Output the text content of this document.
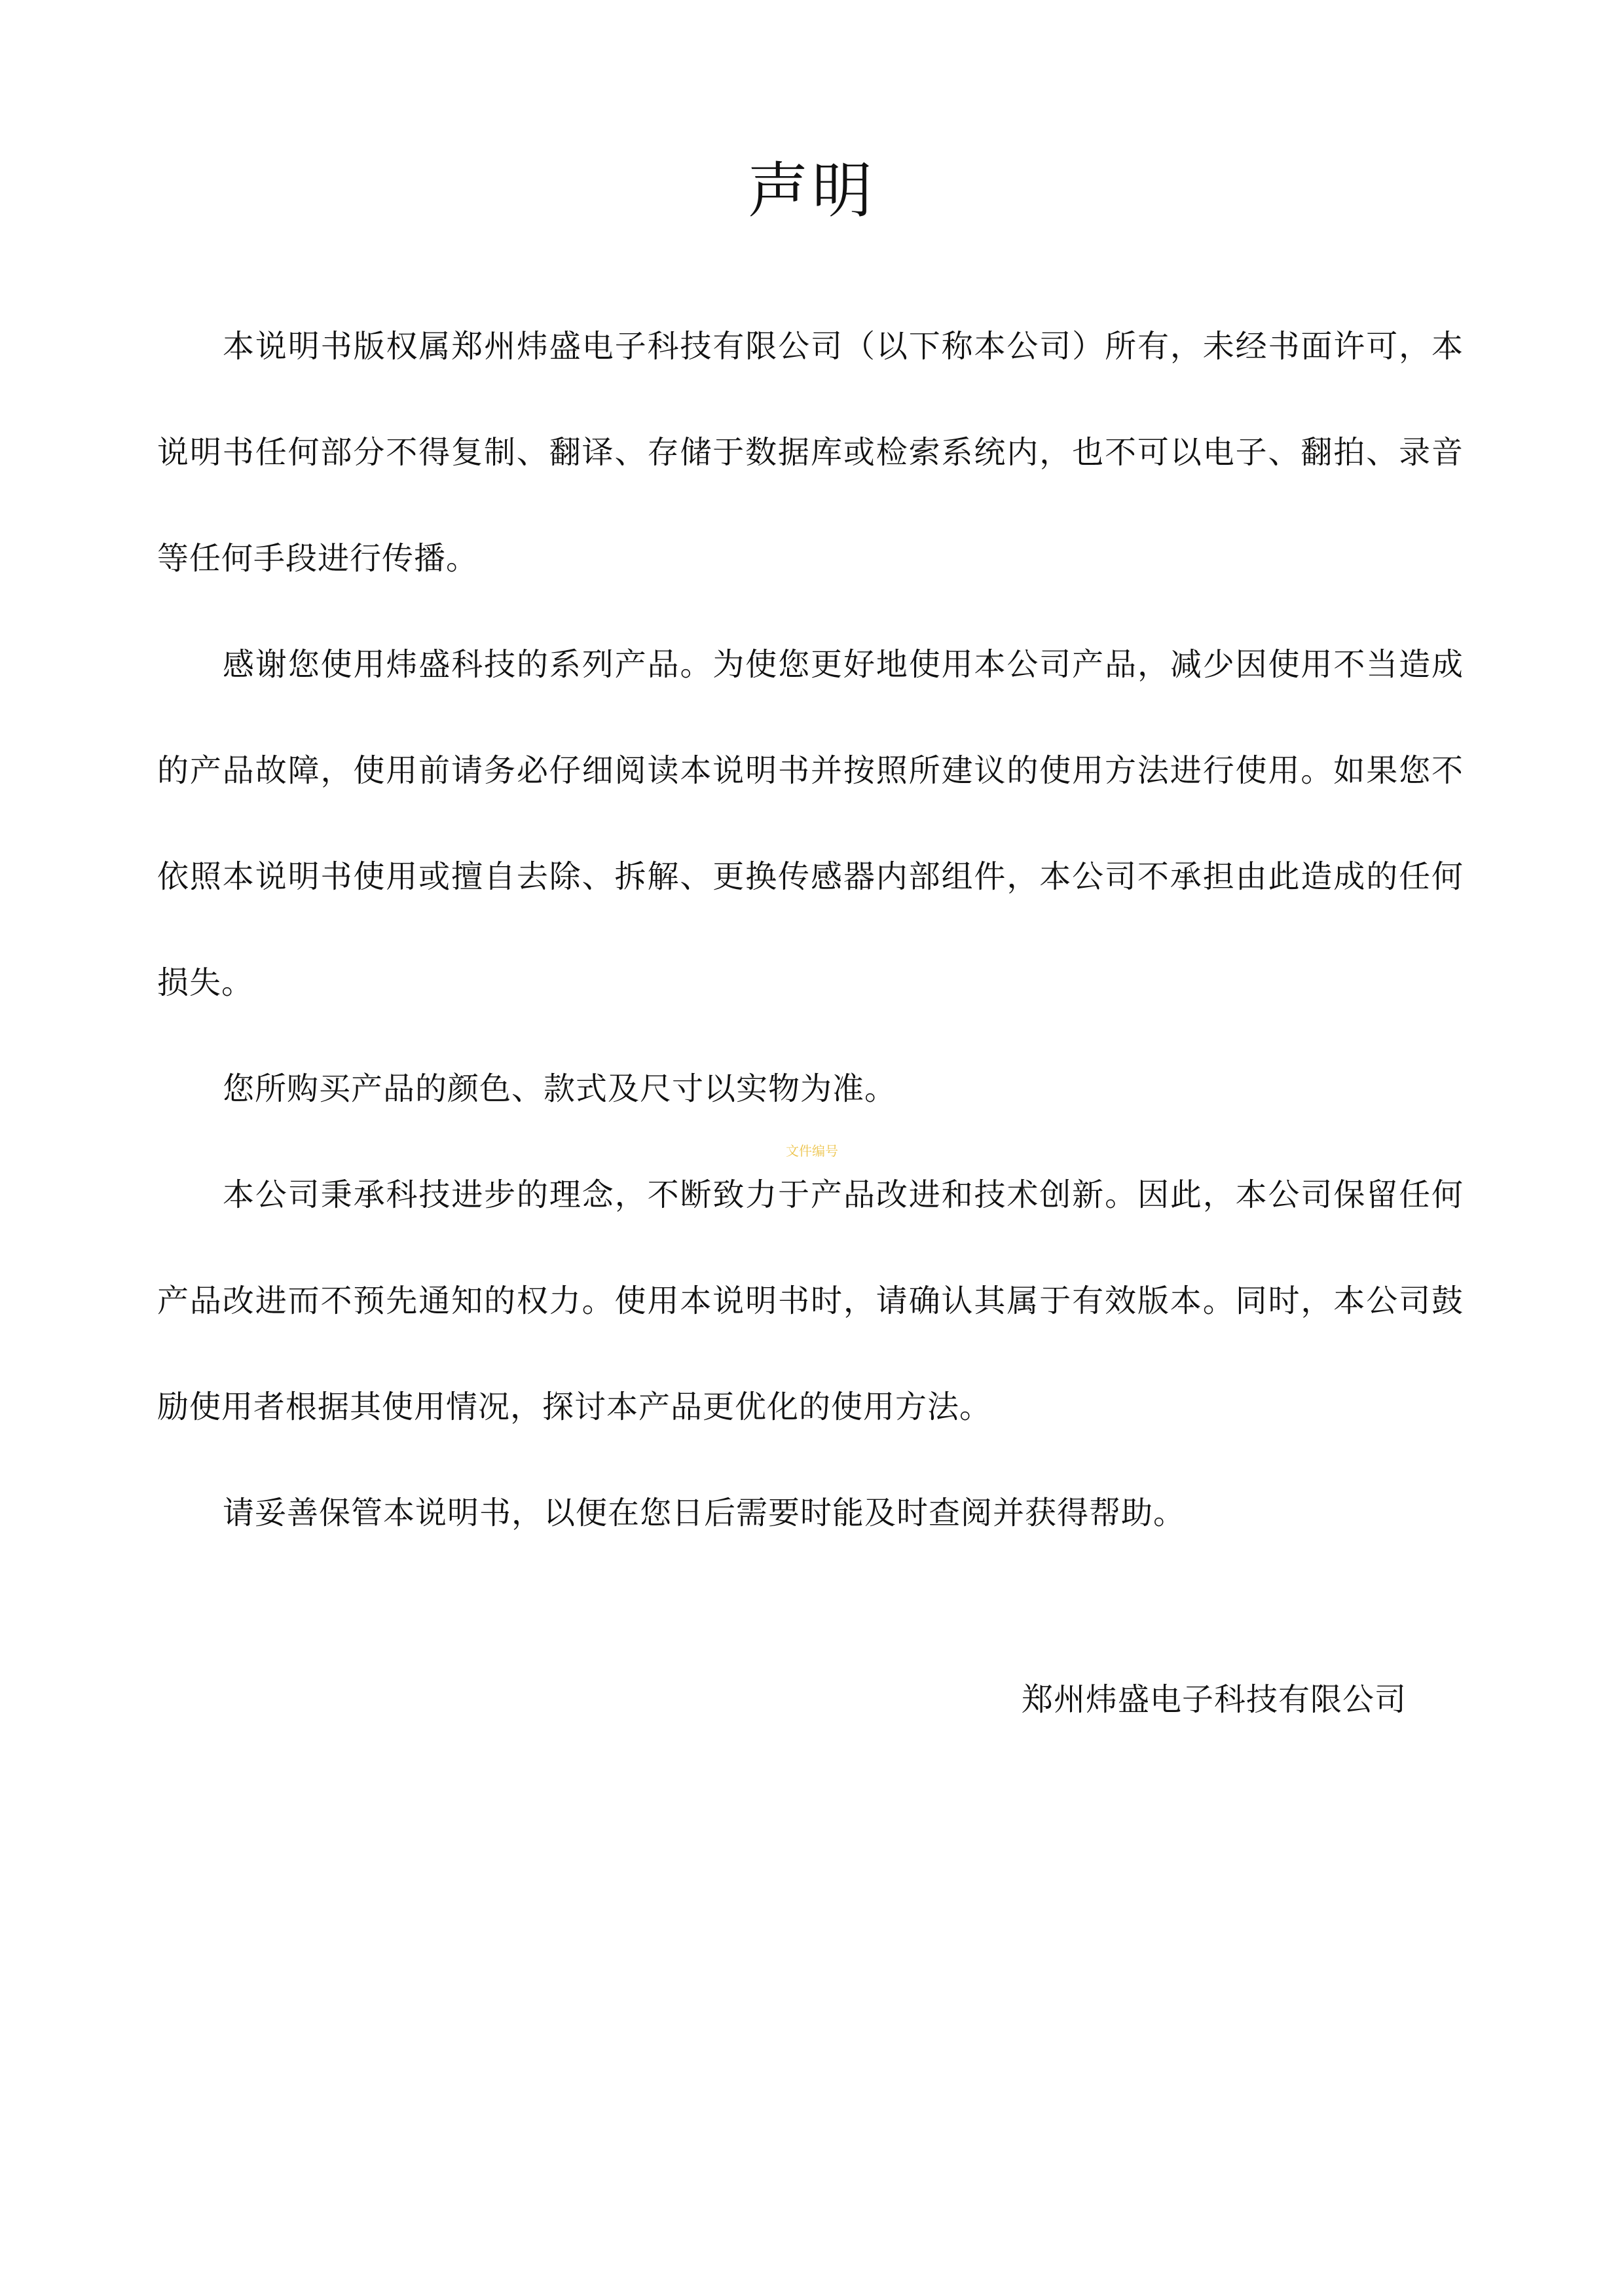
声明

本说明书版权属郑州炜盛电子科技有限公司（以下称本公司）所有，未经书面许可，本说明书任何部分不得复制、翻译、存储于数据库或检索系统内，也不可以电子、翻拍、录音等任何手段进行传播。

感谢您使用炜盛科技的系列产品。为使您更好地使用本公司产品，减少因使用不当造成的产品故障，使用前请务必仔细阅读本说明书并按照所建议的使用方法进行使用。如果您不依照本说明书使用或擅自去除、拆解、更换传感器内部组件，本公司不承担由此造成的任何损失。

您所购买产品的颜色、款式及尺寸以实物为准。

本公司秉承科技进步的理念，不断致力于产品改进和技术创新。因此，本公司保留任何产品改进而不预先通知的权力。使用本说明书时，请确认其属于有效版本。同时，本公司鼓励使用者根据其使用情况，探讨本产品更优化的使用方法。

请妥善保管本说明书，以便在您日后需要时能及时查阅并获得帮助。

文件编号
郑州炜盛电子科技有限公司
